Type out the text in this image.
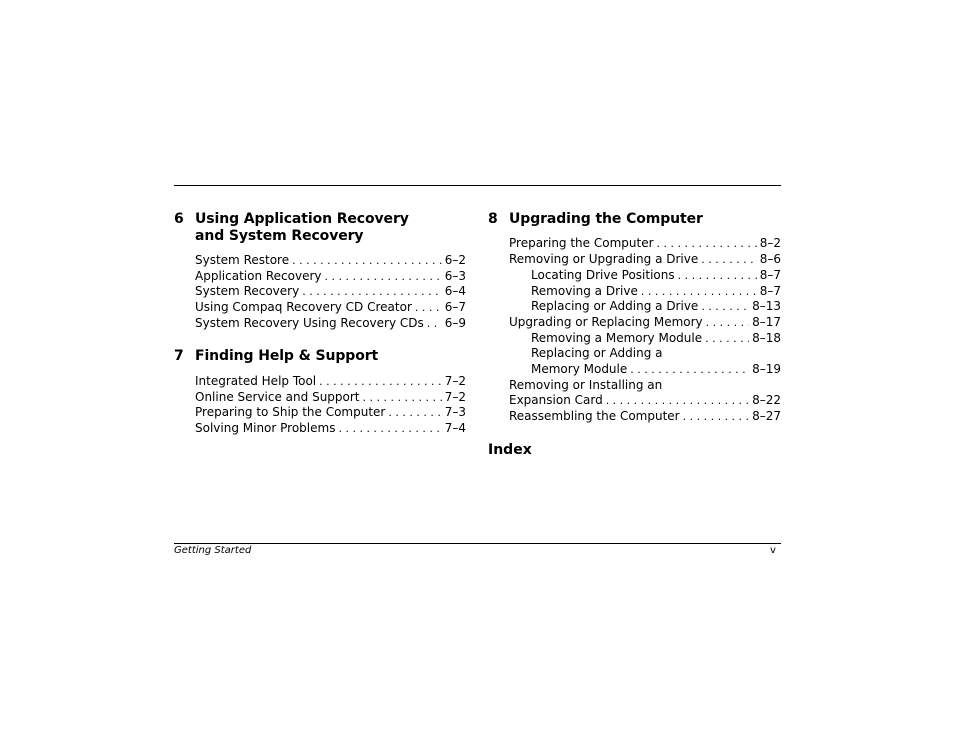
6 Using Application Recovery
and System Recovery
System Restore . . .	6–2
Application Recovery . . .	6–3
System Recovery . . .	6–4
Using Compaq Recovery CD Creator . . .	6–7
System Recovery Using Recovery CDs . . . 6–9
7 Finding Help & Support
Integrated Help Tool . . .	7–2
Online Service and Support . . .	7–2
Preparing to Ship the Computer . . .	7–3
Solving Minor Problems . . .	7–4
8 Upgrading the Computer
Preparing the Computer . . .	8–2
Removing or Upgrading a Drive . . .	8–6
Locating Drive Positions . . .	8–7
Removing a Drive . . .	8–7
Replacing or Adding a Drive . . .	8–13
Upgrading or Replacing Memory . . .	8–17
Removing a Memory Module . . .	8–18
Replacing or Adding a
Memory Module . . .	8–19
Removing or Installing an
Expansion Card . . .	8–22
Reassembling the Computer . . .	8–27
Index
Getting Started	v
